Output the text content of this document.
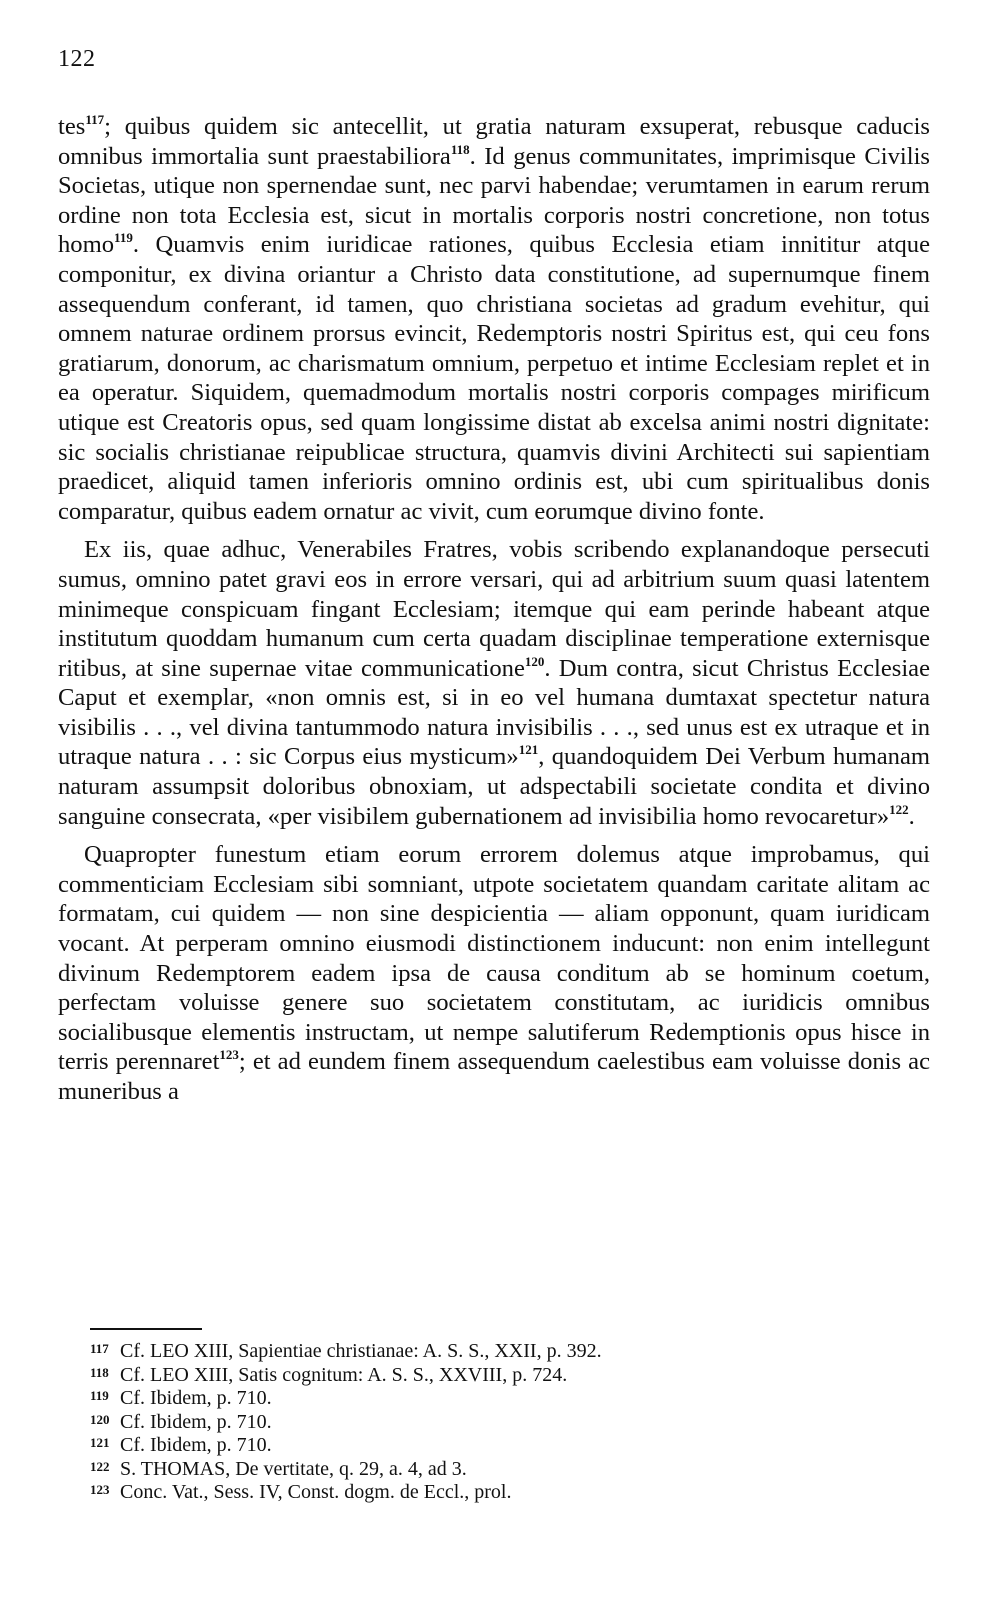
122

tes$^{117}$; quibus quidem sic antecellit, ut gratia naturam exsuperat, rebusque caducis omnibus immortalia sunt praestabiliora$^{118}$. Id genus communitates, imprimisque Civilis Societas, utique non spernendae sunt, nec parvi habendae; verumtamen in earum rerum ordine non tota Ecclesia est, sicut in mortalis corporis nostri concretione, non totus homo$^{119}$. Quamvis enim iuridicae rationes, quibus Ecclesia etiam innititur atque componitur, ex divina oriantur a Christo data constitutione, ad supernumque finem assequendum conferant, id tamen, quo christiana societas ad gradum evehitur, qui omnem naturae ordinem prorsus evincit, Redemptoris nostri Spiritus est, qui ceu fons gratiarum, donorum, ac charismatum omnium, perpetuo et intime Ecclesiam replet et in ea operatur. Siquidem, quemadmodum mortalis nostri corporis compages mirificum utique est Creatoris opus, sed quam longissime distat ab excelsa animi nostri dignitate: sic socialis christianae reipublicae structura, quamvis divini Architecti sui sapientiam praedicet, aliquid tamen inferioris omnino ordinis est, ubi cum spiritualibus donis comparatur, quibus eadem ornatur ac vivit, cum eorumque divino fonte.

Ex iis, quae adhuc, Venerabiles Fratres, vobis scribendo explanandoque persecuti sumus, omnino patet gravi eos in errore versari, qui ad arbitrium suum quasi latentem minimeque conspicuam fingant Ecclesiam; itemque qui eam perinde habeant atque institutum quoddam humanum cum certa quadam disciplinae temperatione externisque ritibus, at sine supernae vitae communicatione$^{120}$. Dum contra, sicut Christus Ecclesiae Caput et exemplar, «non omnis est, si in eo vel humana dumtaxat spectetur natura visibilis . . ., vel divina tantummodo natura invisibilis . . ., sed unus est ex utraque et in utraque natura . . : sic Corpus eius mysticum»$^{121}$, quandoquidem Dei Verbum humanam naturam assumpsit doloribus obnoxiam, ut adspectabili societate condita et divino sanguine consecrata, «per visibilem gubernationem ad invisibilia homo revocaretur»$^{122}$.

Quapropter funestum etiam eorum errorem dolemus atque improbamus, qui commenticiam Ecclesiam sibi somniant, utpote societatem quandam caritate alitam ac formatam, cui quidem — non sine despicientia — aliam opponunt, quam iuridicam vocant. At perperam omnino eiusmodi distinctionem inducunt: non enim intellegunt divinum Redemptorem eadem ipsa de causa conditum ab se hominum coetum, perfectam voluisse genere suo societatem constitutam, ac iuridicis omnibus socialibusque elementis instructam, ut nempe salutiferum Redemptionis opus hisce in terris perennaret$^{123}$; et ad eundem finem assequendum caelestibus eam voluisse donis ac muneribus a

117 Cf. LEO XIII, Sapientiae christianae: A. S. S., XXII, p. 392.
118 Cf. LEO XIII, Satis cognitum: A. S. S., XXVIII, p. 724.
119 Cf. Ibidem, p. 710.
120 Cf. Ibidem, p. 710.
121 Cf. Ibidem, p. 710.
122 S. THOMAS, De vertitate, q. 29, a. 4, ad 3.
123 Conc. Vat., Sess. IV, Const. dogm. de Eccl., prol.
